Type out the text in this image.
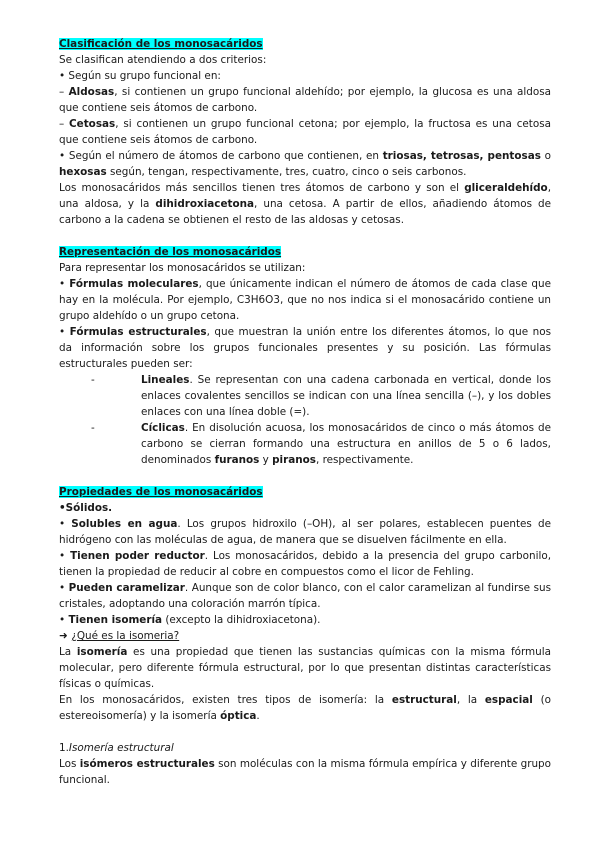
Clasificación de los monosacáridos

Se clasifican atendiendo a dos criterios:

• Según su grupo funcional en:

– Aldosas, si contienen un grupo funcional aldehído; por ejemplo, la glucosa es una aldosa que contiene seis átomos de carbono.

– Cetosas, si contienen un grupo funcional cetona; por ejemplo, la fructosa es una cetosa que contiene seis átomos de carbono.

• Según el número de átomos de carbono que contienen, en triosas, tetrosas, pentosas o hexosas según, tengan, respectivamente, tres, cuatro, cinco o seis carbonos.

Los monosacáridos más sencillos tienen tres átomos de carbono y son el gliceraldehído, una aldosa, y la dihidroxiacetona, una cetosa. A partir de ellos, añadiendo átomos de carbono a la cadena se obtienen el resto de las aldosas y cetosas.

Representación de los monosacáridos

Para representar los monosacáridos se utilizan:

• Fórmulas moleculares, que únicamente indican el número de átomos de cada clase que hay en la molécula. Por ejemplo, C3H6O3, que no nos indica si el monosacárido contiene un grupo aldehído o un grupo cetona.

• Fórmulas estructurales, que muestran la unión entre los diferentes átomos, lo que nos da información sobre los grupos funcionales presentes y su posición. Las fórmulas estructurales pueden ser:

-	Lineales. Se representan con una cadena carbonada en vertical, donde los enlaces covalentes sencillos se indican con una línea sencilla (–), y los dobles enlaces con una línea doble (=).
-	Cíclicas. En disolución acuosa, los monosacáridos de cinco o más átomos de carbono se cierran formando una estructura en anillos de 5 o 6 lados, denominados furanos y piranos, respectivamente.

Propiedades de los monosacáridos

•Sólidos.

• Solubles en agua. Los grupos hidroxilo (–OH), al ser polares, establecen puentes de hidrógeno con las moléculas de agua, de manera que se disuelven fácilmente en ella.

• Tienen poder reductor. Los monosacáridos, debido a la presencia del grupo carbonilo, tienen la propiedad de reducir al cobre en compuestos como el licor de Fehling.

• Pueden caramelizar. Aunque son de color blanco, con el calor caramelizan al fundirse sus cristales, adoptando una coloración marrón típica.

• Tienen isomería (excepto la dihidroxiacetona).

➜ ¿Qué es la isomeria?

La isomería es una propiedad que tienen las sustancias químicas con la misma fórmula molecular, pero diferente fórmula estructural, por lo que presentan distintas características físicas o químicas.

En los monosacáridos, existen tres tipos de isomería: la estructural, la espacial (o estereoisomería) y la isomería óptica.

1.Isomería estructural

Los isómeros estructurales son moléculas con la misma fórmula empírica y diferente grupo funcional.
